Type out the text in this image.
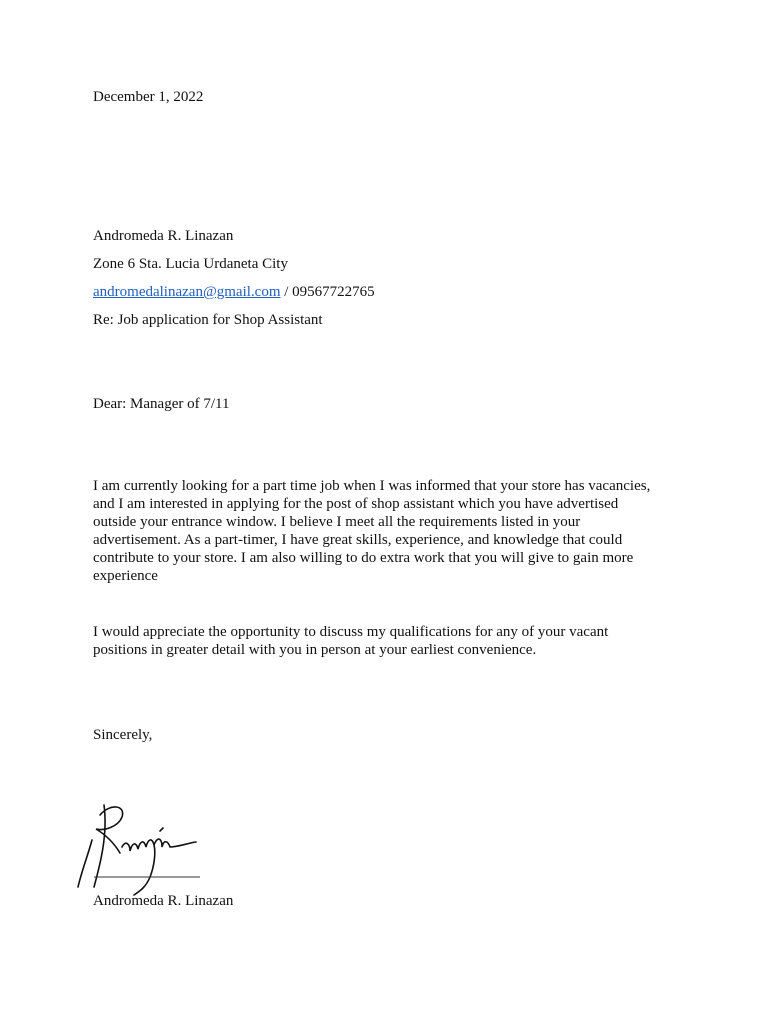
December 1, 2022
Andromeda R. Linazan
Zone 6 Sta. Lucia Urdaneta City
andromedalinazan@gmail.com / 09567722765
Re: Job application for Shop Assistant
Dear: Manager of 7/11
I am currently looking for a part time job when I was informed that your store has vacancies,
and I am interested in applying for the post of shop assistant which you have advertised
outside your entrance window. I believe I meet all the requirements listed in your
advertisement. As a part-timer, I have great skills, experience, and knowledge that could
contribute to your store. I am also willing to do extra work that you will give to gain more
experience
I would appreciate the opportunity to discuss my qualifications for any of your vacant
positions in greater detail with you in person at your earliest convenience.
Sincerely,
Andromeda R. Linazan
